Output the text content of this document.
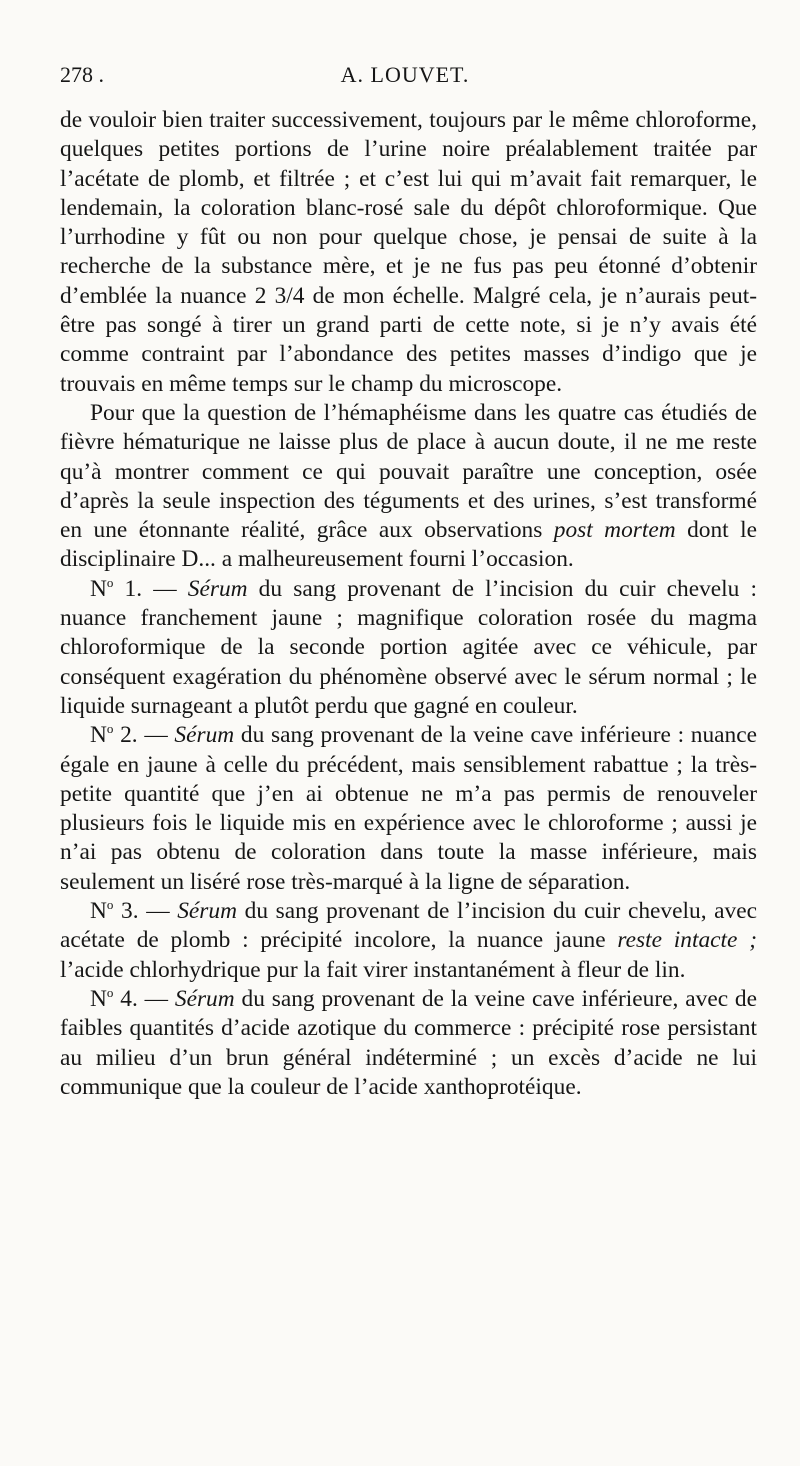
278 .	A. LOUVET.

de vouloir bien traiter successivement, toujours par le même chloroforme, quelques petites portions de l’urine noire préalablement traitée par l’acétate de plomb, et filtrée ; et c’est lui qui m’avait fait remarquer, le lendemain, la coloration blanc-rosé sale du dépôt chloroformique. Que l’urrhodine y fût ou non pour quelque chose, je pensai de suite à la recherche de la substance mère, et je ne fus pas peu étonné d’obtenir d’emblée la nuance 2 3/4 de mon échelle. Malgré cela, je n’aurais peut-être pas songé à tirer un grand parti de cette note, si je n’y avais été comme contraint par l’abondance des petites masses d’indigo que je trouvais en même temps sur le champ du microscope.

Pour que la question de l’hémaphéisme dans les quatre cas étudiés de fièvre hématurique ne laisse plus de place à aucun doute, il ne me reste qu’à montrer comment ce qui pouvait paraître une conception, osée d’après la seule inspection des téguments et des urines, s’est transformé en une étonnante réalité, grâce aux observations post mortem dont le disciplinaire D... a malheureusement fourni l’occasion.

$N^o$ 1. — Sérum du sang provenant de l’incision du cuir chevelu : nuance franchement jaune ; magnifique coloration rosée du magma chloroformique de la seconde portion agitée avec ce véhicule, par conséquent exagération du phénomène observé avec le sérum normal ; le liquide surnageant a plutôt perdu que gagné en couleur.

$N^o$ 2. — Sérum du sang provenant de la veine cave inférieure : nuance égale en jaune à celle du précédent, mais sensiblement rabattue ; la très-petite quantité que j’en ai obtenue ne m’a pas permis de renouveler plusieurs fois le liquide mis en expérience avec le chloroforme ; aussi je n’ai pas obtenu de coloration dans toute la masse inférieure, mais seulement un liséré rose très-marqué à la ligne de séparation.

$N^o$ 3. — Sérum du sang provenant de l’incision du cuir chevelu, avec acétate de plomb : précipité incolore, la nuance jaune reste intacte ; l’acide chlorhydrique pur la fait virer instantanément à fleur de lin.

$N^o$ 4. — Sérum du sang provenant de la veine cave inférieure, avec de faibles quantités d’acide azotique du commerce : précipité rose persistant au milieu d’un brun général indéterminé ; un excès d’acide ne lui communique que la couleur de l’acide xanthoprotéique.
